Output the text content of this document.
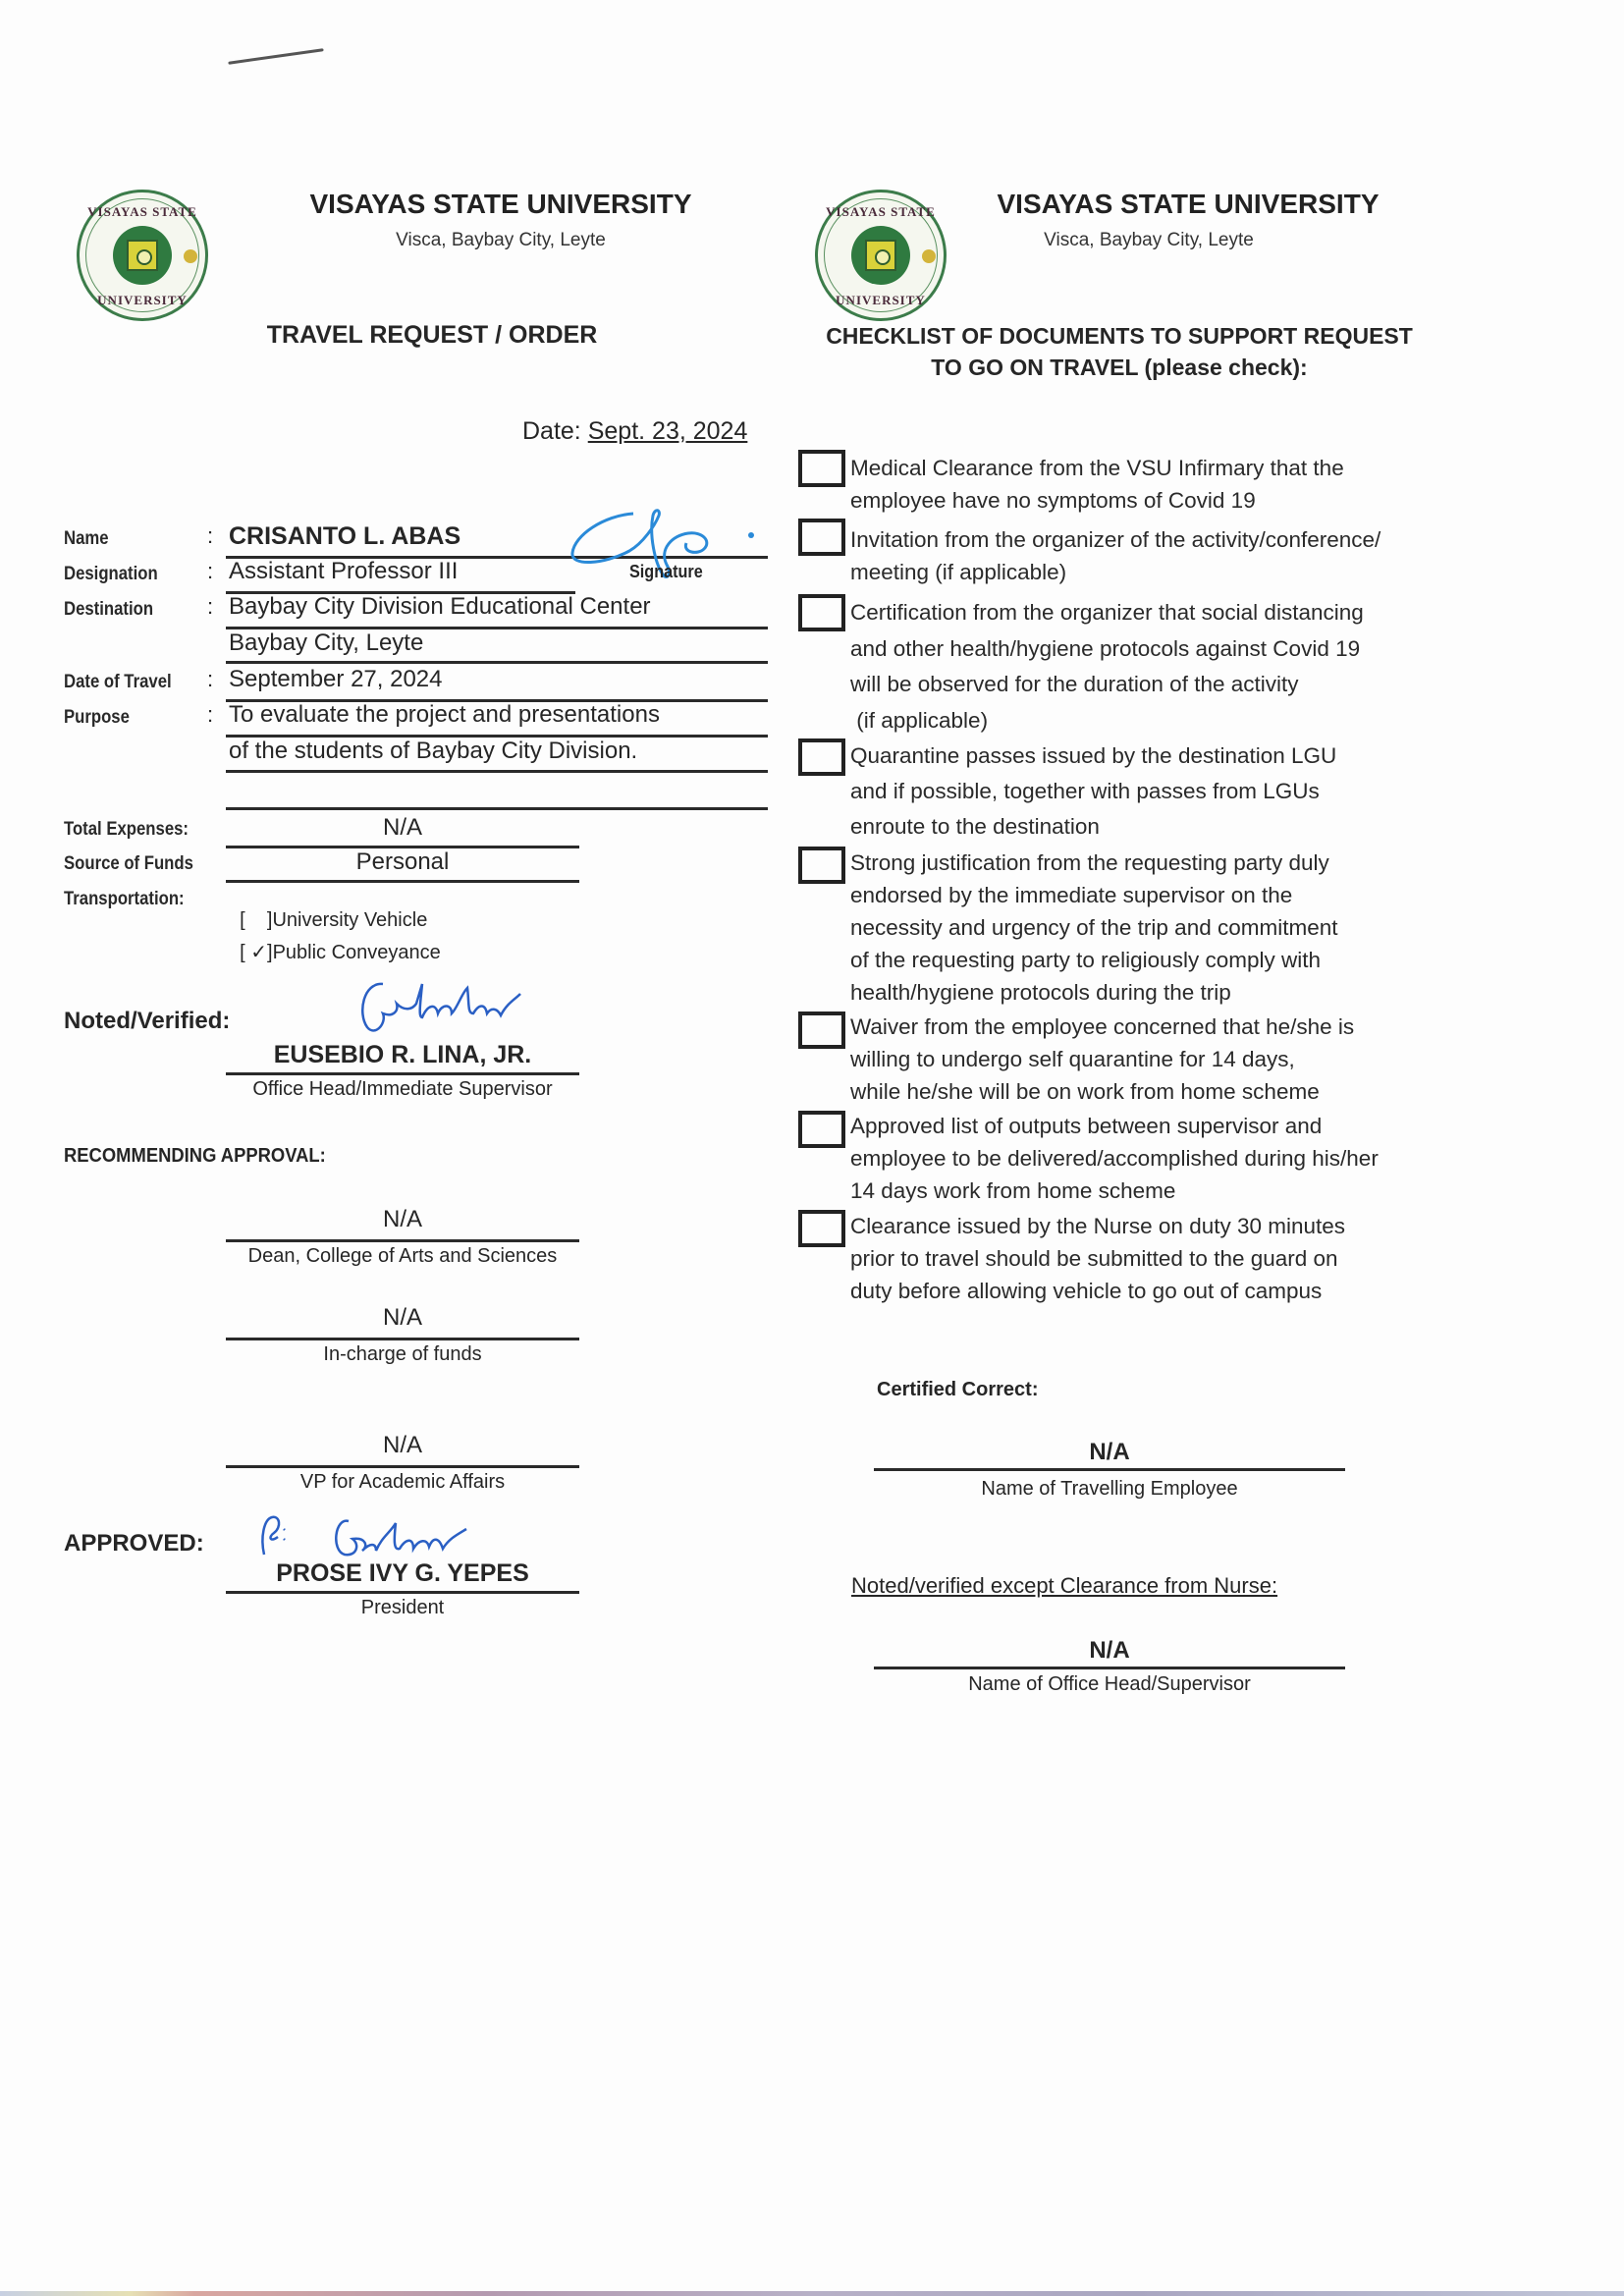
VISAYAS STATE
UNIVERSITY
VISAYAS STATE UNIVERSITY
Visca, Baybay City, Leyte
TRAVEL REQUEST / ORDER
Date: Sept. 23, 2024
Name	: CRISANTO L. ABAS
Signature
Designation : Assistant Professor III
Destination : Baybay City Division Educational Center
Baybay City, Leyte
Date of Travel : September 27, 2024
Purpose	: To evaluate the project and presentations
of the students of Baybay City Division.
Total Expenses:	N/A
Source of Funds	Personal
Transportation:

[    ]University Vehicle

[ ✓]Public Conveyance

Noted/Verified:
EUSEBIO R. LINA, JR.
Office Head/Immediate Supervisor
RECOMMENDING APPROVAL:
N/A
Dean, College of Arts and Sciences
N/A
In-charge of funds
N/A
VP for Academic Affairs
APPROVED:
PROSE IVY G. YEPES
President
VISAYAS STATE
UNIVERSITY
VISAYAS STATE UNIVERSITY
Visca, Baybay City, Leyte
CHECKLIST OF DOCUMENTS TO SUPPORT REQUEST
TO GO ON TRAVEL (please check):
Medical Clearance from the VSU Infirmary that the
employee have no symptoms of Covid 19
Invitation from the organizer of the activity/conference/
meeting (if applicable)
Certification from the organizer that social distancing
and other health/hygiene protocols against Covid 19
will be observed for the duration of the activity
(if applicable)
Quarantine passes issued by the destination LGU
and if possible, together with passes from LGUs
enroute to the destination
Strong justification from the requesting party duly
endorsed by the immediate supervisor on the
necessity and urgency of the trip and commitment
of the requesting party to religiously comply with
health/hygiene protocols during the trip
Waiver from the employee concerned that he/she is
willing to undergo self quarantine for 14 days,
while he/she will be on work from home scheme
Approved list of outputs between supervisor and
employee to be delivered/accomplished during his/her
14 days work from home scheme
Clearance issued by the Nurse on duty 30 minutes
prior to travel should be submitted to the guard on
duty before allowing vehicle to go out of campus
Certified Correct:
N/A
Name of Travelling Employee
Noted/verified except Clearance from Nurse:
N/A
Name of Office Head/Supervisor
